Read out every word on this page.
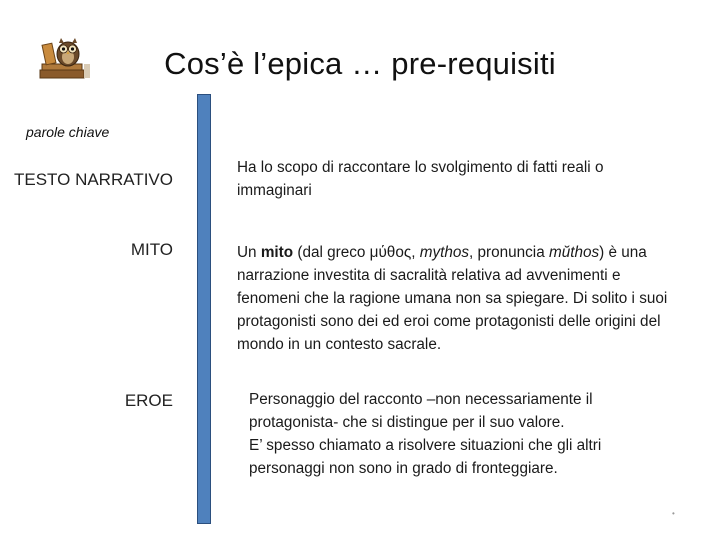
Cos’è l’epica … pre-requisiti
parole chiave
TESTO NARRATIVO
MITO
EROE
Ha lo scopo di raccontare lo svolgimento di fatti reali o immaginari
Un mito (dal greco μύθος, mythos, pronuncia mŭthos) è una narrazione investita di sacralità relativa ad avvenimenti e fenomeni che la ragione umana non sa spiegare. Di solito i suoi protagonisti sono dei ed eroi come protagonisti delle origini del mondo in un contesto sacrale.
Personaggio del racconto –non necessariamente il protagonista- che si distingue per il suo valore.
E’ spesso chiamato a risolvere situazioni che gli altri personaggi non sono in grado di fronteggiare.
•
